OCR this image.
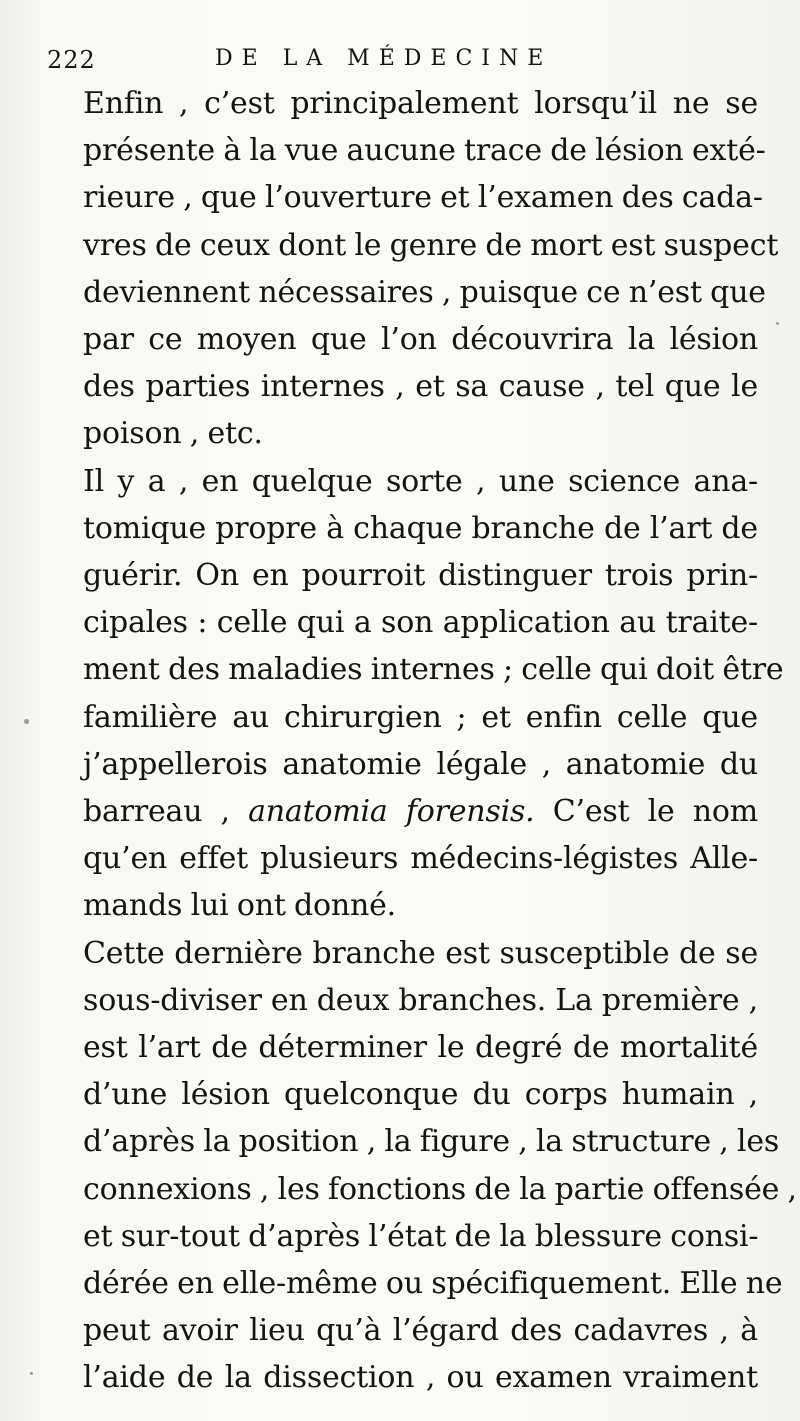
222	DE LA MÉDECINE

Enfin , c’est principalement lorsqu’il ne se
présente à la vue aucune trace de lésion exté-
rieure , que l’ouverture et l’examen des cada-
vres de ceux dont le genre de mort est suspect
deviennent nécessaires , puisque ce n’est que
par ce moyen que l’on découvrira la lésion
des parties internes , et sa cause , tel que le
poison , etc.

Il y a , en quelque sorte , une science ana-
tomique propre à chaque branche de l’art de
guérir. On en pourroit distinguer trois prin-
cipales : celle qui a son application au traite-
ment des maladies internes ; celle qui doit être
familière au chirurgien ; et enfin celle que
j’appellerois anatomie légale , anatomie du
barreau , anatomia forensis. C’est le nom
qu’en effet plusieurs médecins-légistes Alle-
mands lui ont donné.

Cette dernière branche est susceptible de se
sous-diviser en deux branches. La première ,
est l’art de déterminer le degré de mortalité
d’une lésion quelconque du corps humain ,
d’après la position , la figure , la structure , les
connexions , les fonctions de la partie offensée ,
et sur-tout d’après l’état de la blessure consi-
dérée en elle-même ou spécifiquement. Elle ne
peut avoir lieu qu’à l’égard des cadavres , à
l’aide de la dissection , ou examen vraiment
